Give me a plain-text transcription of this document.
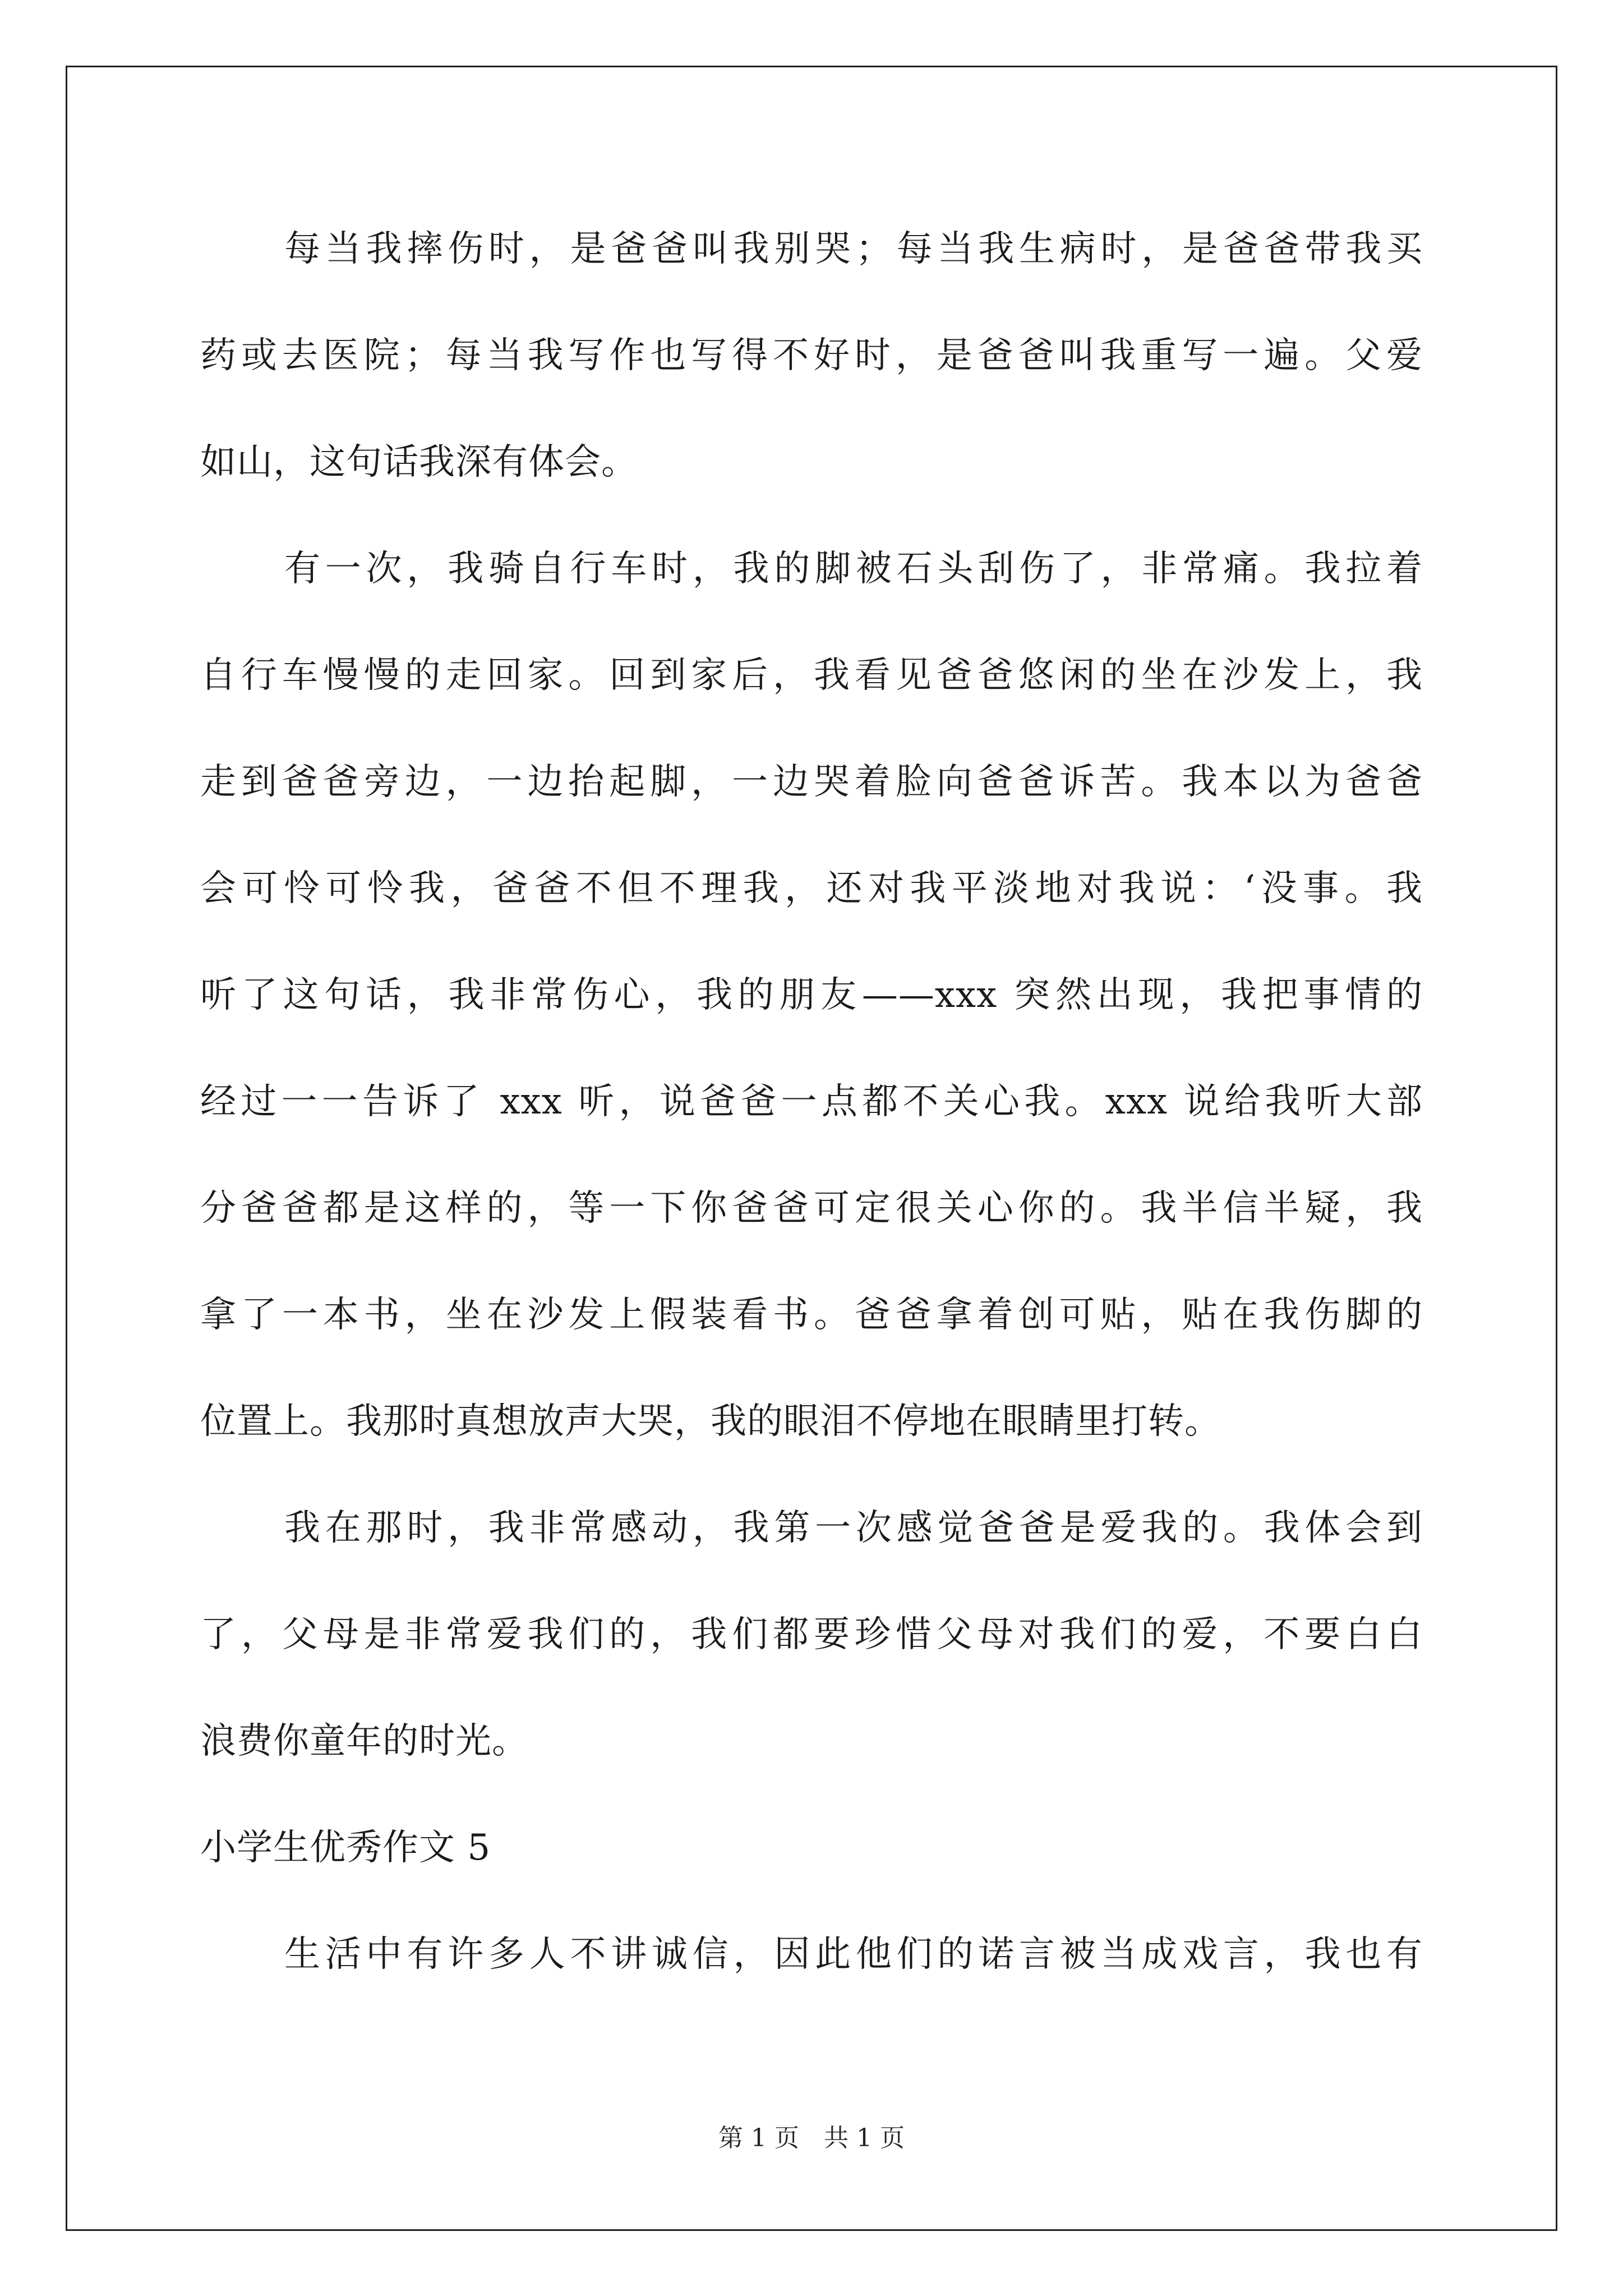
每当我摔伤时，是爸爸叫我别哭；每当我生病时，是爸爸带我买
药或去医院；每当我写作也写得不好时，是爸爸叫我重写一遍。父爱
如山，这句话我深有体会。
有一次，我骑自行车时，我的脚被石头刮伤了，非常痛。我拉着
自行车慢慢的走回家。回到家后，我看见爸爸悠闲的坐在沙发上，我
走到爸爸旁边，一边抬起脚，一边哭着脸向爸爸诉苦。我本以为爸爸
会可怜可怜我，爸爸不但不理我，还对我平淡地对我说：‘没事。我
听了这句话，我非常伤心，我的朋友——xxx 突然出现，我把事情的
经过一一告诉了 xxx 听，说爸爸一点都不关心我。xxx 说给我听大部
分爸爸都是这样的，等一下你爸爸可定很关心你的。我半信半疑，我
拿了一本书，坐在沙发上假装看书。爸爸拿着创可贴，贴在我伤脚的
位置上。我那时真想放声大哭，我的眼泪不停地在眼睛里打转。
我在那时，我非常感动，我第一次感觉爸爸是爱我的。我体会到
了，父母是非常爱我们的，我们都要珍惜父母对我们的爱，不要白白
浪费你童年的时光。
小学生优秀作文 5
生活中有许多人不讲诚信，因此他们的诺言被当成戏言，我也有
第 1 页　共 1 页
